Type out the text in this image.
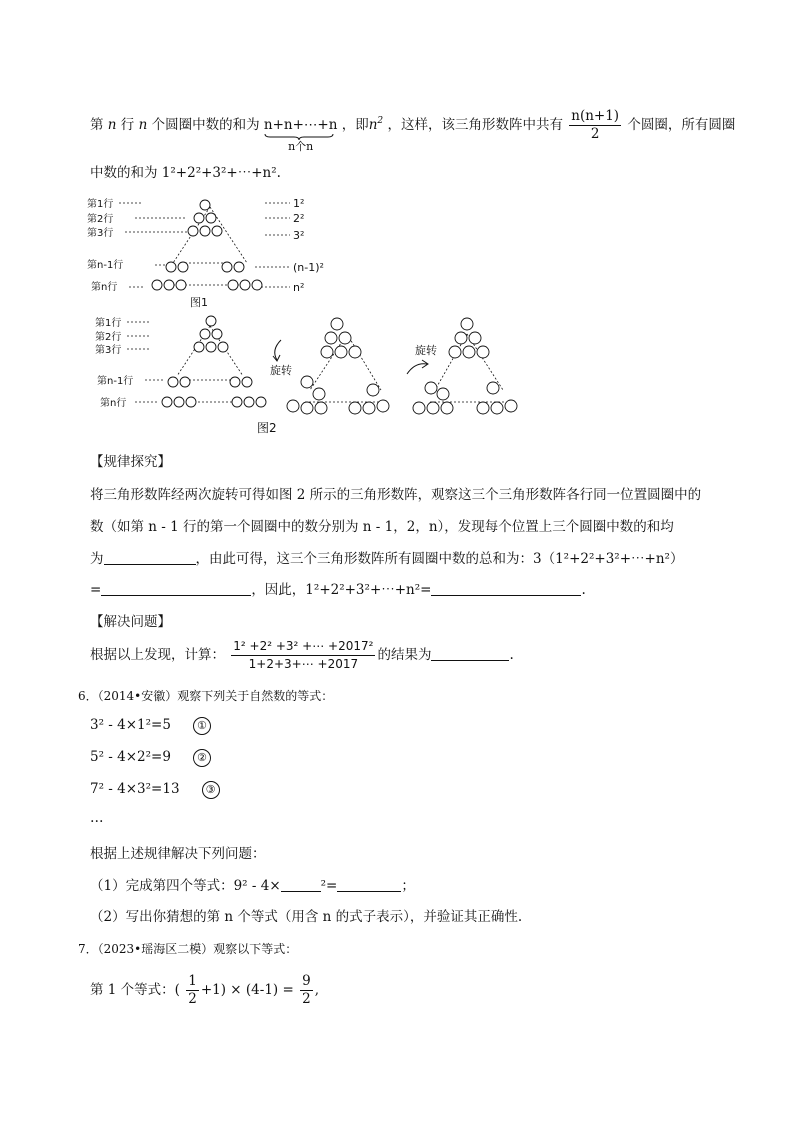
第 n 行 n 个圆圈中数的和为 n+n+⋯+n
n个n
，即$n^2$ ，这样，该三角形数阵中共有 $\frac{n(n+1)}{2}$ 个圆圈，所有圆圈
中数的和为 1²+2²+3²+⋯+n².
第1行
第2行
第3行
第n-1行
第n行
1²
2²
3²
(n-1)²
n²
图1
第1行
第2行
第3行
第n-1行
第n行
旋转
旋转
图2
【规律探究】
将三角形数阵经两次旋转可得如图 2 所示的三角形数阵，观察这三个三角形数阵各行同一位置圆圈中的
数（如第 n - 1 行的第一个圆圈中的数分别为 n - 1，2，n），发现每个位置上三个圆圈中数的和均
为	，由此可得，这三个三角形数阵所有圆圈中数的总和为：3（1²+2²+3²+⋯+n²）
=	，因此，1²+2²+3²+⋯+n²=	.
【解决问题】
根据以上发现，计算： $\frac{\text{1² +2² +3² +⋯ +2017²}}{1+2+3+\cdots +2017}$ 的结果为	.
6．（2014•安徽）观察下列关于自然数的等式：
3² - 4×1²=5 ①
5² - 4×2²=9 ②
7² - 4×3²=13 ③
…
根据上述规律解决下列问题：
（1）完成第四个等式：9² - 4×	²=	；
（2）写出你猜想的第 n 个等式（用含 n 的式子表示），并验证其正确性.
7．（2023•瑶海区二模）观察以下等式：
第 1 个等式：( $\frac{1}{2} +1) \times (4-1) = \frac{9}{2}$ ,
